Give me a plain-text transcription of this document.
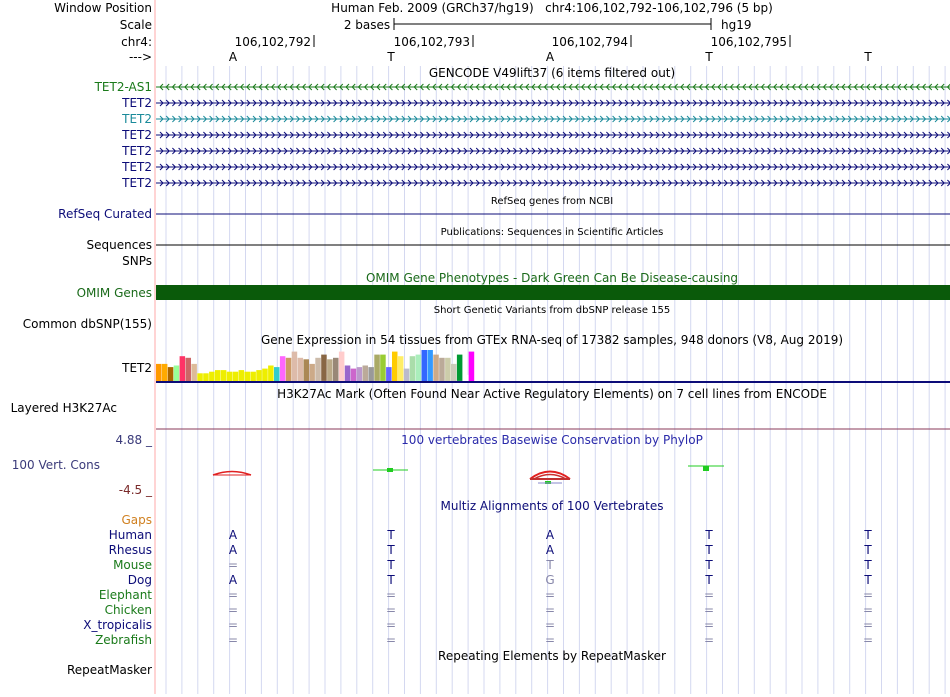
Window Position	Human Feb. 2009 (GRCh37/hg19)   chr4:106,102,792-106,102,796 (5 bp)
Scale	2 bases	hg19
chr4:	106,102,792	106,102,793	106,102,794	106,102,795
--->	A	T	A	T	T
GENCODE V49lift37 (6 items filtered out)
TET2-AS1
TET2
TET2
TET2
TET2
TET2
TET2
RefSeq genes from NCBI
RefSeq Curated
Publications: Sequences in Scientific Articles
Sequences
SNPs
OMIM Gene Phenotypes - Dark Green Can Be Disease-causing
OMIM Genes
Short Genetic Variants from dbSNP release 155
Common dbSNP(155)
Gene Expression in 54 tissues from GTEx RNA-seq of 17382 samples, 948 donors (V8, Aug 2019)
TET2
H3K27Ac Mark (Often Found Near Active Regulatory Elements) on 7 cell lines from ENCODE
Layered H3K27Ac
4.88 _	100 vertebrates Basewise Conservation by PhyloP
100 Vert. Cons
-4.5 _
Multiz Alignments of 100 Vertebrates
Gaps
Human	A	T	A	T	T
Rhesus	A	T	A	T	T
Mouse	=	T	T	T	T
Dog	A	T	G	T	T
Elephant	=	=	=	=	=
Chicken	=	=	=	=	=
X_tropicalis	=	=	=	=	=
Zebrafish	=	=	=	=	=
Repeating Elements by RepeatMasker
RepeatMasker
